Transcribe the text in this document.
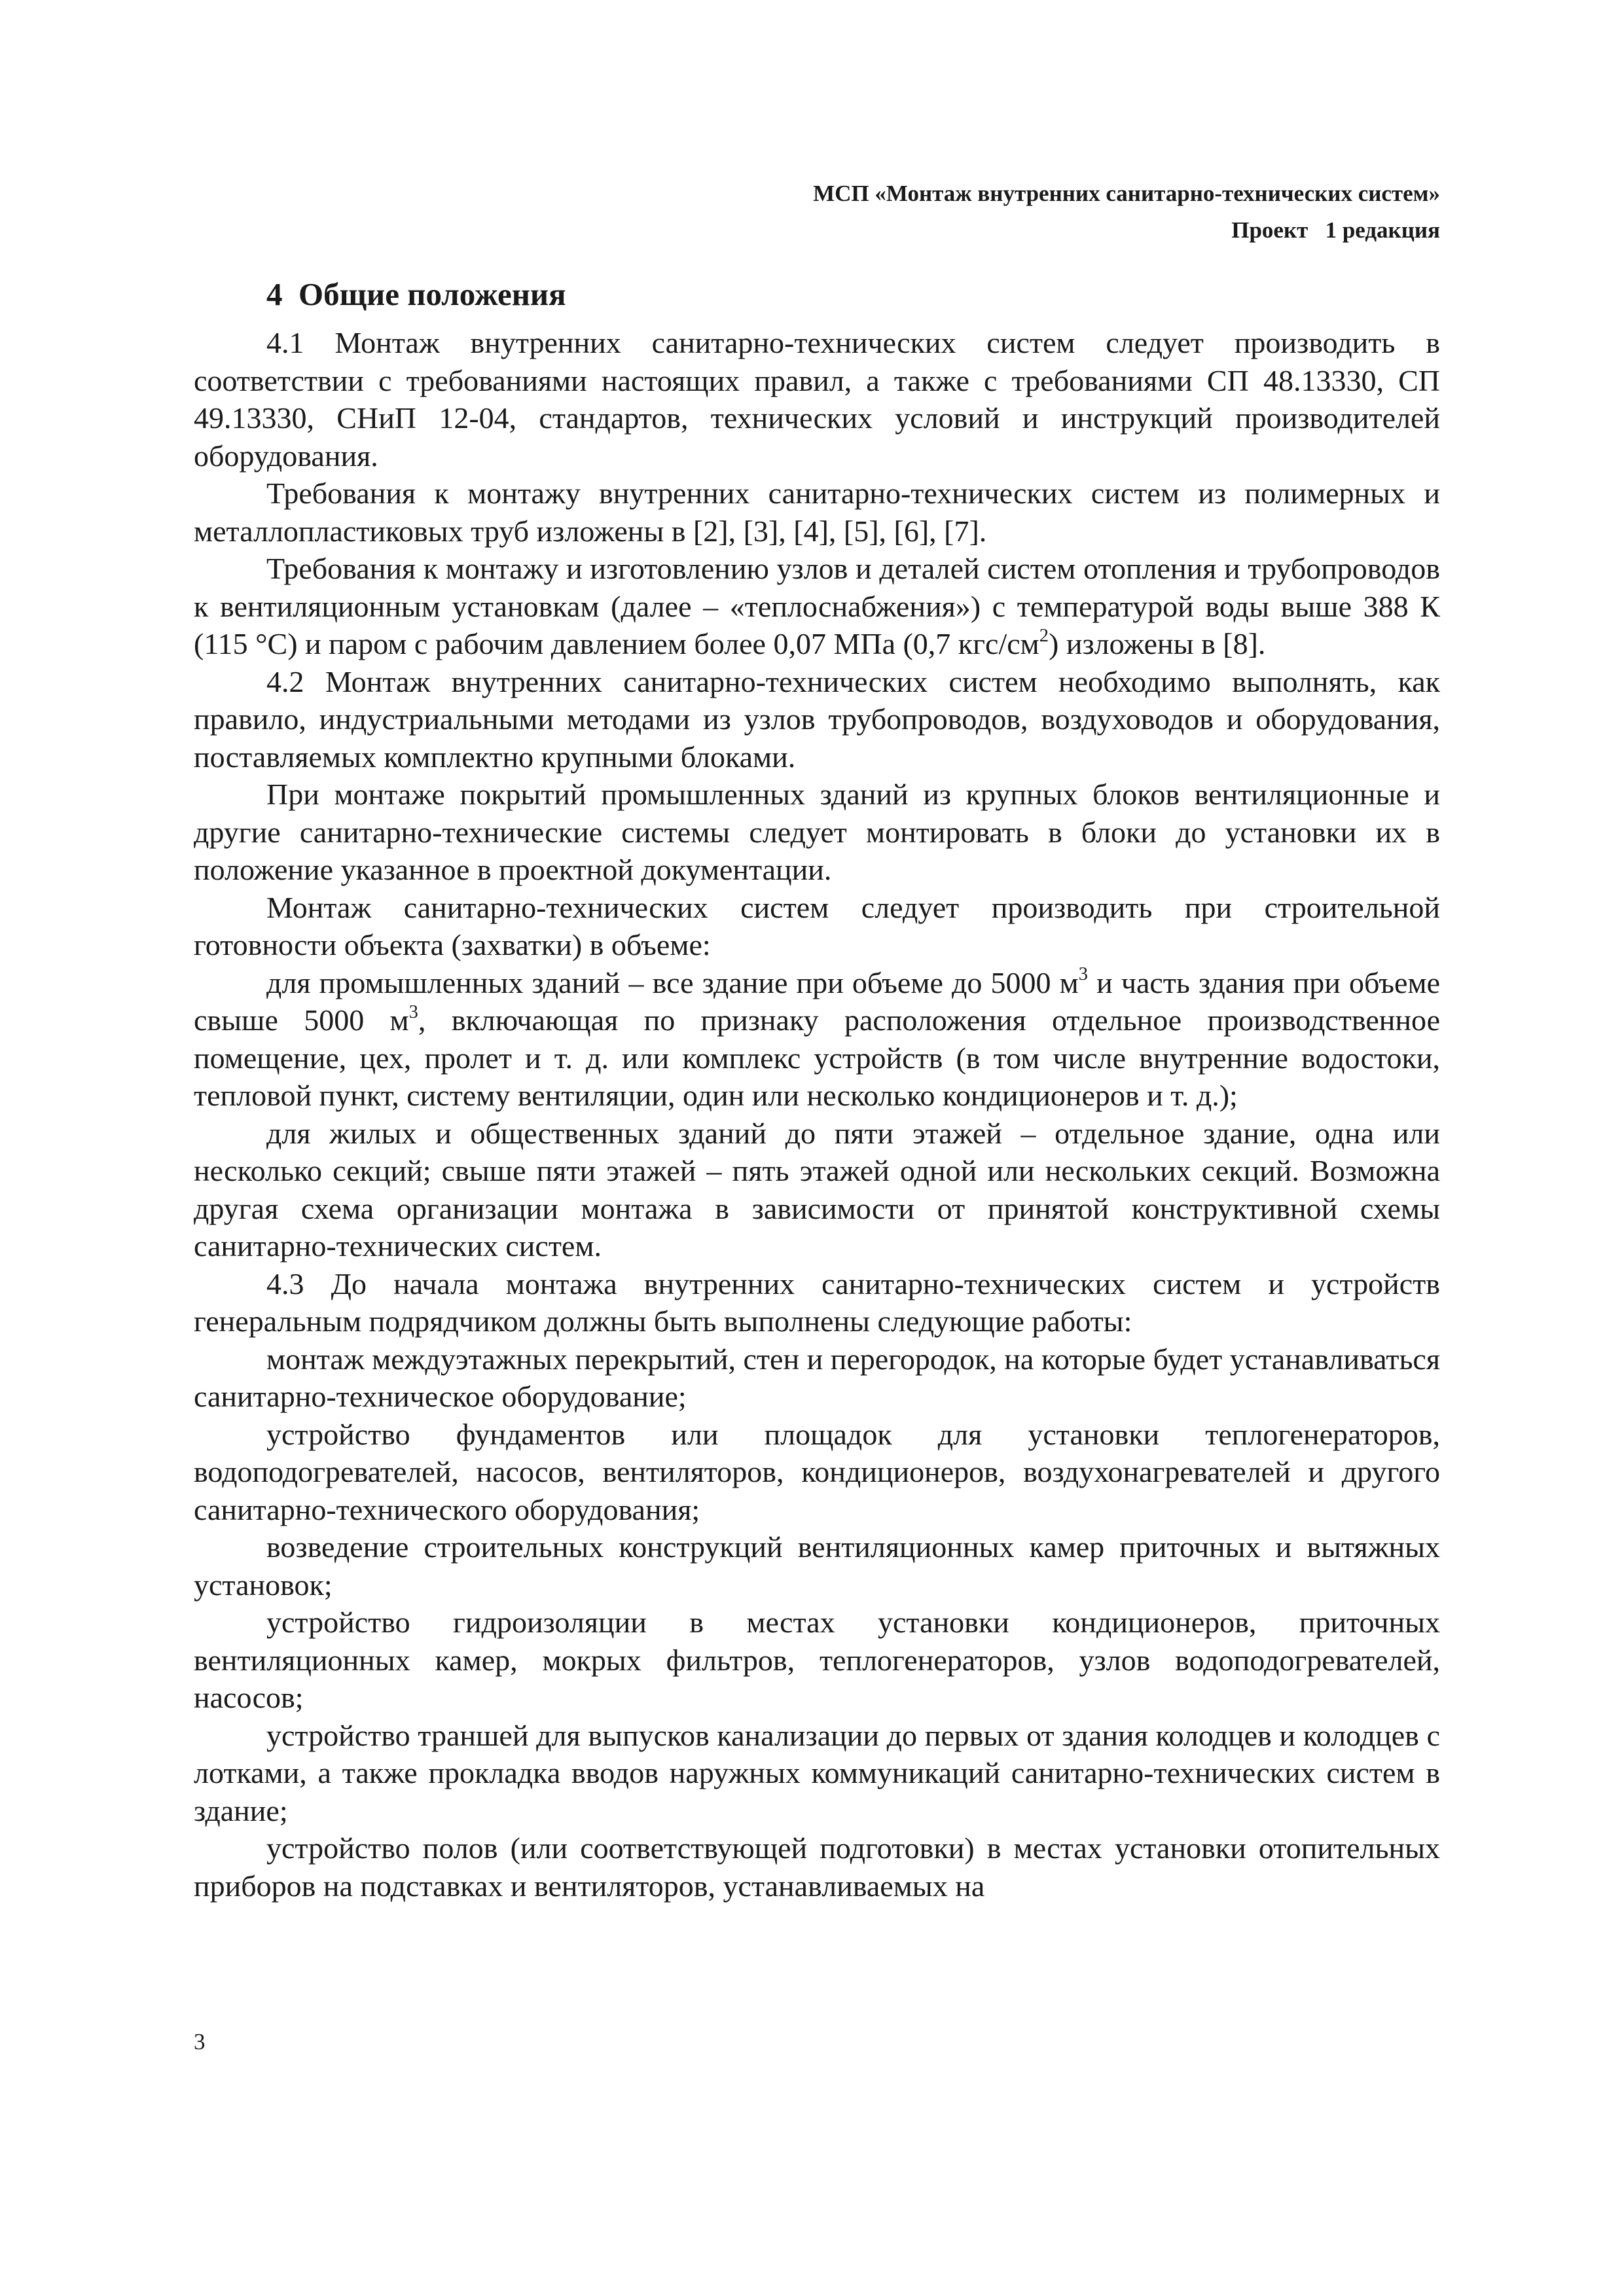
МСП «Монтаж внутренних санитарно-технических систем»
Проект   1 редакция
4  Общие положения

4.1 Монтаж внутренних санитарно-технических систем следует производить в соответствии с требованиями настоящих правил, а также с требованиями СП 48.13330, СП 49.13330, СНиП 12-04, стандартов, технических условий и инструкций производителей оборудования.

Требования к монтажу внутренних санитарно-технических систем из полимерных и металлопластиковых труб изложены в [2], [3], [4], [5], [6], [7].

Требования к монтажу и изготовлению узлов и деталей систем отопления и трубопроводов к вентиляционным установкам (далее – «теплоснабжения») с температурой воды выше 388 К (115 °С) и паром с рабочим давлением более 0,07 МПа (0,7 кгс/$см^2$) изложены в [8].

4.2 Монтаж внутренних санитарно-технических систем необходимо выполнять, как правило, индустриальными методами из узлов трубопроводов, воздуховодов и оборудования, поставляемых комплектно крупными блоками.

При монтаже покрытий промышленных зданий из крупных блоков вентиляционные и другие санитарно-технические системы следует монтировать в блоки до установки их в положение указанное в проектной документации.

Монтаж санитарно-технических систем следует производить при строительной готовности объекта (захватки) в объеме:

для промышленных зданий – все здание при объеме до 5000 $м^3$ и часть здания при объеме свыше 5000 $м^3$, включающая по признаку расположения отдельное производственное помещение, цех, пролет и т. д. или комплекс устройств (в том числе внутренние водостоки, тепловой пункт, систему вентиляции, один или несколько кондиционеров и т. д.);

для жилых и общественных зданий до пяти этажей – отдельное здание, одна или несколько секций; свыше пяти этажей – пять этажей одной или нескольких секций. Возможна другая схема организации монтажа в зависимости от принятой конструктивной схемы санитарно-технических систем.

4.3 До начала монтажа внутренних санитарно-технических систем и устройств генеральным подрядчиком должны быть выполнены следующие работы:

монтаж междуэтажных перекрытий, стен и перегородок, на которые будет устанавливаться санитарно-техническое оборудование;

устройство фундаментов или площадок для установки теплогенераторов, водоподогревателей, насосов, вентиляторов, кондиционеров, воздухонагревателей и другого санитарно-технического оборудования;

возведение строительных конструкций вентиляционных камер приточных и вытяжных установок;

устройство гидроизоляции в местах установки кондиционеров, приточных вентиляционных камер, мокрых фильтров, теплогенераторов, узлов водоподогревателей, насосов;

устройство траншей для выпусков канализации до первых от здания колодцев и колодцев с лотками, а также прокладка вводов наружных коммуникаций санитарно-технических систем в здание;

устройство полов (или соответствующей подготовки) в местах установки отопительных приборов на подставках и вентиляторов, устанавливаемых на

3
